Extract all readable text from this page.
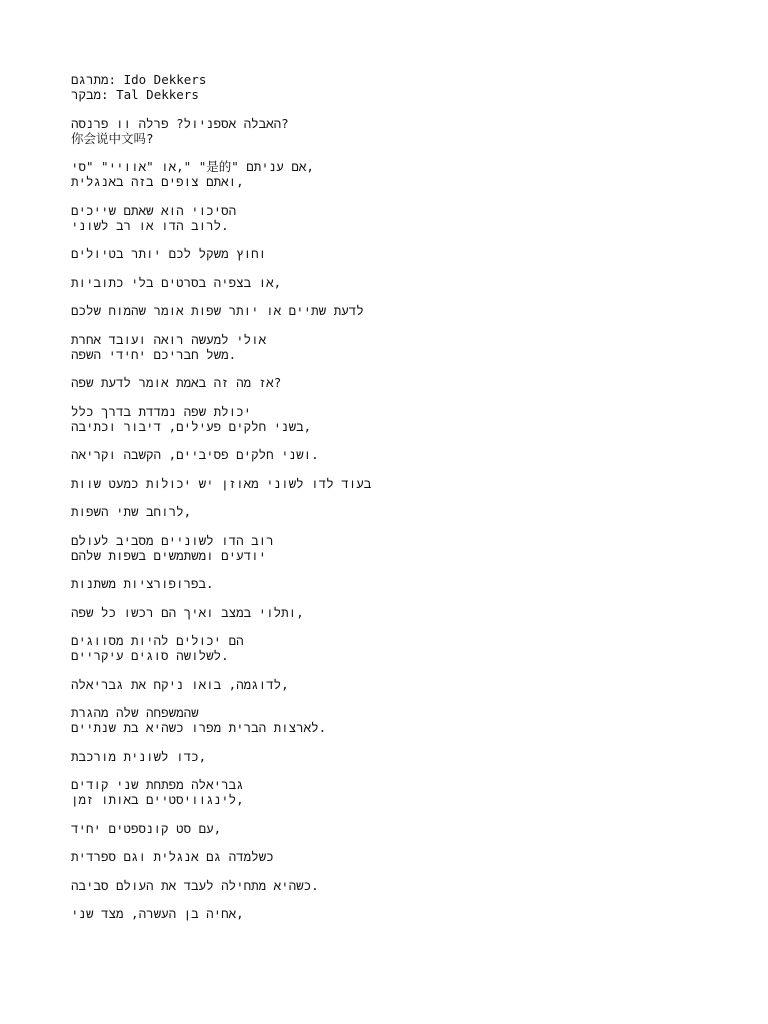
מתרגם: Ido Dekkers
מבקר: Tal Dekkers
האבלה אספניול? פרלה וו פרנסה?
你会说中文吗?
או "אוויי" "סי," "是的" אם עניתם,
ואתם צופים בזה באנגלית,
הסיכוי הוא שאתם שייכים
לרוב הדו או רב לשוני.
וחוץ משקל לכם יותר בטיולים
או בצפיה בסרטים בלי כתוביות,
לדעת שתיים או יותר שפות אומר שהמוח שלכם
אולי למעשה רואה ועובד אחרת
משל חבריכם יחידי השפה.
אז מה זה באמת אומר לדעת שפה?
יכולת שפה נמדדת בדרך כלל
בשני חלקים פעילים, דיבור וכתיבה,
ושני חלקים פסיביים, הקשבה וקריאה.
בעוד לדו לשוני מאוזן יש יכולות כמעט שוות
לרוחב שתי השפות,
רוב הדו לשוניים מסביב לעולם
יודעים ומשתמשים בשפות שלהם
בפרופורציות משתנות.
ותלוי במצב ואיך הם רכשו כל שפה,
הם יכולים להיות מסווגים
לשלושה סוגים עיקריים.
לדוגמה, בואו ניקח את גבריאלה,
שהמשפחה שלה מהגרת
לארצות הברית מפרו כשהיא בת שנתיים.
כדו לשונית מורכבת,
גבריאלה מפתחת שני קודים
לינגוויסטיים באותו זמן,
עם סט קונספטים יחיד,
כשלמדה גם אנגלית וגם ספרדית
כשהיא מתחילה לעבד את העולם סביבה.
אחיה בן העשרה, מצד שני,
